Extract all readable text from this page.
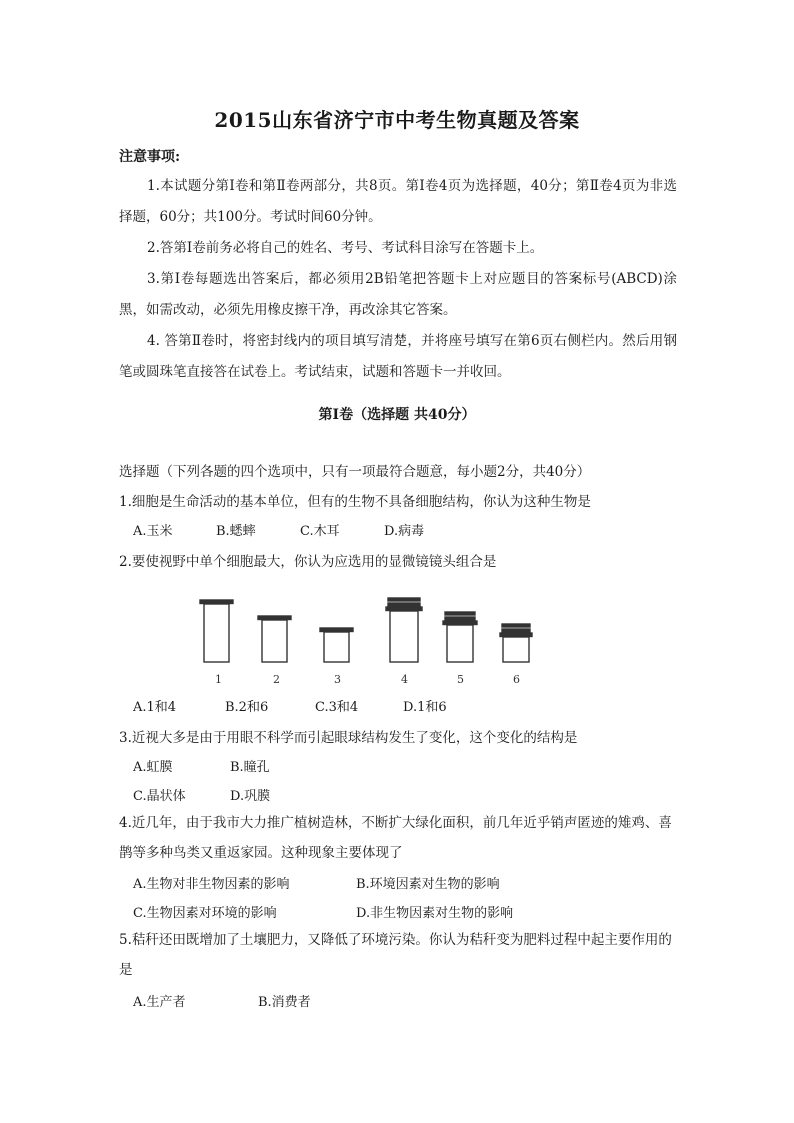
2015山东省济宁市中考生物真题及答案
注意事项:
1.本试题分第Ⅰ卷和第Ⅱ卷两部分，共8页。第Ⅰ卷4页为选择题，40分；第Ⅱ卷4页为非选择题，60分；共100分。考试时间60分钟。
2.答第Ⅰ卷前务必将自己的姓名、考号、考试科目涂写在答题卡上。
3.第Ⅰ卷每题选出答案后，都必须用2B铅笔把答题卡上对应题目的答案标号(ABCD)涂黑，如需改动，必须先用橡皮擦干净，再改涂其它答案。
4. 答第Ⅱ卷时，将密封线内的项目填写清楚，并将座号填写在第6页右侧栏内。然后用钢笔或圆珠笔直接答在试卷上。考试结束，试题和答题卡一并收回。
第Ⅰ卷（选择题 共40分）
选择题（下列各题的四个选项中，只有一项最符合题意，每小题2分，共40分）
1.细胞是生命活动的基本单位，但有的生物不具备细胞结构，你认为这种生物是
A.玉米	B.蟋蟀	C.木耳	D.病毒
2.要使视野中单个细胞最大，你认为应选用的显微镜镜头组合是
1	2	3	4	5	6
A.1和4	B.2和6	C.3和4	D.1和6
3.近视大多是由于用眼不科学而引起眼球结构发生了变化，这个变化的结构是
A.虹膜	B.瞳孔
C.晶状体	D.巩膜
4.近几年，由于我市大力推广植树造林，不断扩大绿化面积，前几年近乎销声匿迹的雉鸡、喜鹊等多种鸟类又重返家园。这种现象主要体现了
A.生物对非生物因素的影响	B.环境因素对生物的影响
C.生物因素对环境的影响	D.非生物因素对生物的影响
5.秸秆还田既增加了土壤肥力，又降低了环境污染。你认为秸秆变为肥料过程中起主要作用的是
A.生产者	B.消费者
